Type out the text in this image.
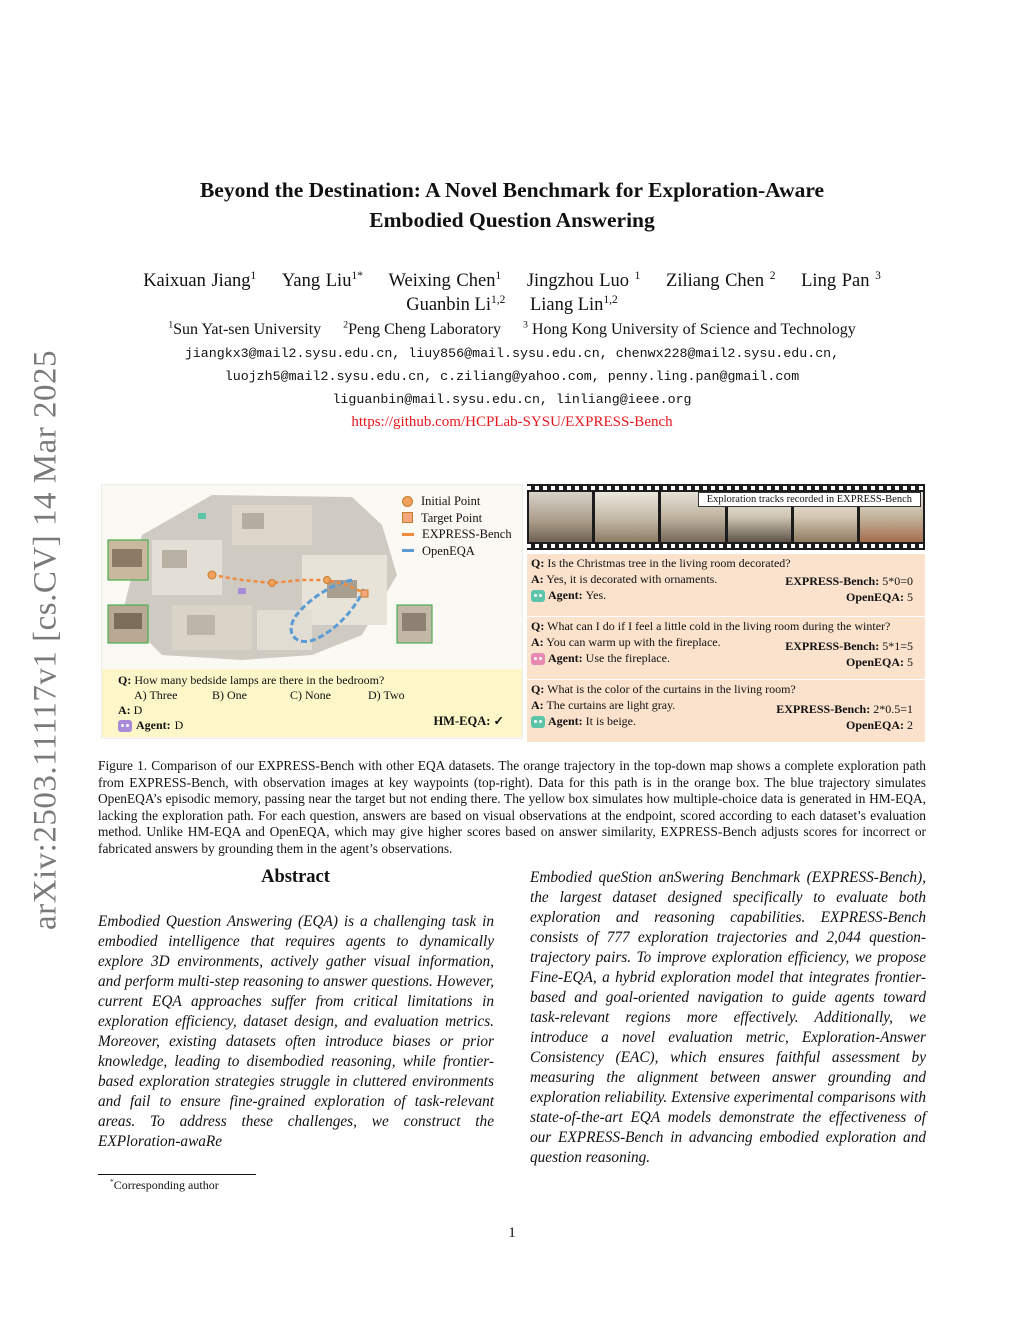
arXiv:2503.11117v1 [cs.CV] 14 Mar 2025
Beyond the Destination: A Novel Benchmark for Exploration-Aware
Embodied Question Answering
Kaixuan Jiang$^1$ Yang Liu$^{1*}$ Weixing Chen$^1$ Jingzhou Luo $^1$ Ziliang Chen $^2$ Ling Pan $^3$
Guanbin Li$^{1,2}$ Liang Lin$^{1,2}$
$^1$Sun Yat-sen University $^2$Peng Cheng Laboratory $^3$ Hong Kong University of Science and Technology
jiangkx3@mail2.sysu.edu.cn, liuy856@mail.sysu.edu.cn, chenwx228@mail2.sysu.edu.cn,
luojzh5@mail2.sysu.edu.cn, c.ziliang@yahoo.com, penny.ling.pan@gmail.com
liguanbin@mail.sysu.edu.cn, linliang@ieee.org
https://github.com/HCPLab-SYSU/EXPRESS-Bench
Initial Point
Target Point
EXPRESS-Bench
OpenEQA
Q: How many bedside lamps are there in the bedroom?
A) Three	B) One	C) None	D) Two
A: D
Agent: D	HM-EQA: ✓
Exploration tracks recorded in EXPRESS-Bench
Q: Is the Christmas tree in the living room decorated?
A: Yes, it is decorated with ornaments.
Agent: Yes.
EXPRESS-Bench: 5*0=0
OpenEQA: 5
Q: What can I do if I feel a little cold in the living room during the winter?
A: You can warm up with the fireplace.
Agent: Use the fireplace.
EXPRESS-Bench: 5*1=5
OpenEQA: 5
Q: What is the color of the curtains in the living room?
A: The curtains are light gray.
Agent: It is beige.
EXPRESS-Bench: 2*0.5=1
OpenEQA: 2
Figure 1. Comparison of our EXPRESS-Bench with other EQA datasets. The orange trajectory in the top-down map shows a complete exploration path from EXPRESS-Bench, with observation images at key waypoints (top-right). Data for this path is in the orange box. The blue trajectory simulates OpenEQA’s episodic memory, passing near the target but not ending there. The yellow box simulates how multiple-choice data is generated in HM-EQA, lacking the exploration path. For each question, answers are based on visual observations at the endpoint, scored according to each dataset’s evaluation method. Unlike HM-EQA and OpenEQA, which may give higher scores based on answer similarity, EXPRESS-Bench adjusts scores for incorrect or fabricated answers by grounding them in the agent’s observations.
Abstract
Embodied Question Answering (EQA) is a challenging task in embodied intelligence that requires agents to dynamically explore 3D environments, actively gather visual information, and perform multi-step reasoning to answer questions. However, current EQA approaches suffer from critical limitations in exploration efficiency, dataset design, and evaluation metrics. Moreover, existing datasets often introduce biases or prior knowledge, leading to disembodied reasoning, while frontier-based exploration strategies struggle in cluttered environments and fail to ensure fine-grained exploration of task-relevant areas. To address these challenges, we construct the EXPloration-awaRe
Embodied queStion anSwering Benchmark (EXPRESS-Bench), the largest dataset designed specifically to evaluate both exploration and reasoning capabilities. EXPRESS-Bench consists of 777 exploration trajectories and 2,044 question-trajectory pairs. To improve exploration efficiency, we propose Fine-EQA, a hybrid exploration model that integrates frontier-based and goal-oriented navigation to guide agents toward task-relevant regions more effectively. Additionally, we introduce a novel evaluation metric, Exploration-Answer Consistency (EAC), which ensures faithful assessment by measuring the alignment between answer grounding and exploration reliability. Extensive experimental comparisons with state-of-the-art EQA models demonstrate the effectiveness of our EXPRESS-Bench in advancing embodied exploration and question reasoning.
*Corresponding author
1
